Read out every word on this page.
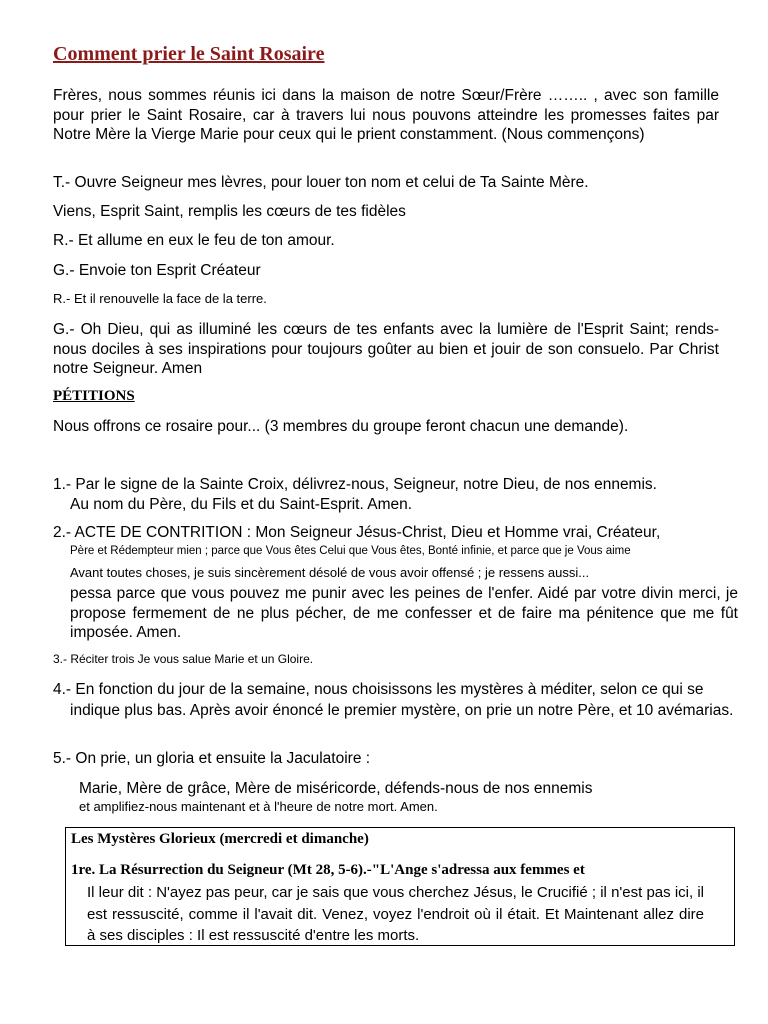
Comment prier le Saint Rosaire
Frères, nous sommes réunis ici dans la maison de notre Sœur/Frère …….. , avec son famille pour prier le Saint Rosaire, car à travers lui nous pouvons atteindre les promesses faites par Notre Mère la Vierge Marie pour ceux qui le prient constamment. (Nous commençons)
T.- Ouvre Seigneur mes lèvres, pour louer ton nom et celui de Ta Sainte Mère.
Viens, Esprit Saint, remplis les cœurs de tes fidèles
R.- Et allume en eux le feu de ton amour.
G.- Envoie ton Esprit Créateur
R.- Et il renouvelle la face de la terre.
G.- Oh Dieu, qui as illuminé les cœurs de tes enfants avec la lumière de l'Esprit Saint; rends-nous dociles à ses inspirations pour toujours goûter au bien et jouir de son consuelo. Par Christ notre Seigneur. Amen
PÉTITIONS
Nous offrons ce rosaire pour... (3 membres du groupe feront chacun une demande).
1.- Par le signe de la Sainte Croix, délivrez-nous, Seigneur, notre Dieu, de nos ennemis.
Au nom du Père, du Fils et du Saint-Esprit. Amen.
2.- ACTE DE CONTRITION : Mon Seigneur Jésus-Christ, Dieu et Homme vrai, Créateur,
Père et Rédempteur mien ; parce que Vous êtes Celui que Vous êtes, Bonté infinie, et parce que je Vous aime
Avant toutes choses, je suis sincèrement désolé de vous avoir offensé ; je ressens aussi...
pessa parce que vous pouvez me punir avec les peines de l'enfer. Aidé par votre divin merci, je propose fermement de ne plus pécher, de me confesser et de faire ma pénitence que me fût imposée. Amen.
3.- Réciter trois Je vous salue Marie et un Gloire.
4.- En fonction du jour de la semaine, nous choisissons les mystères à méditer, selon ce qui se
indique plus bas. Après avoir énoncé le premier mystère, on prie un notre Père, et 10 avémarias.
5.- On prie, un gloria et ensuite la Jaculatoire :
Marie, Mère de grâce, Mère de miséricorde, défends-nous de nos ennemis
et amplifiez-nous maintenant et à l'heure de notre mort. Amen.
Les Mystères Glorieux (mercredi et dimanche)
1re. La Résurrection du Seigneur (Mt 28, 5-6).-"L'Ange s'adressa aux femmes et
Il leur dit : N'ayez pas peur, car je sais que vous cherchez Jésus, le Crucifié ; il n'est pas ici, il est ressuscité, comme il l'avait dit. Venez, voyez l'endroit où il était. Et Maintenant allez dire à ses disciples : Il est ressuscité d'entre les morts.
